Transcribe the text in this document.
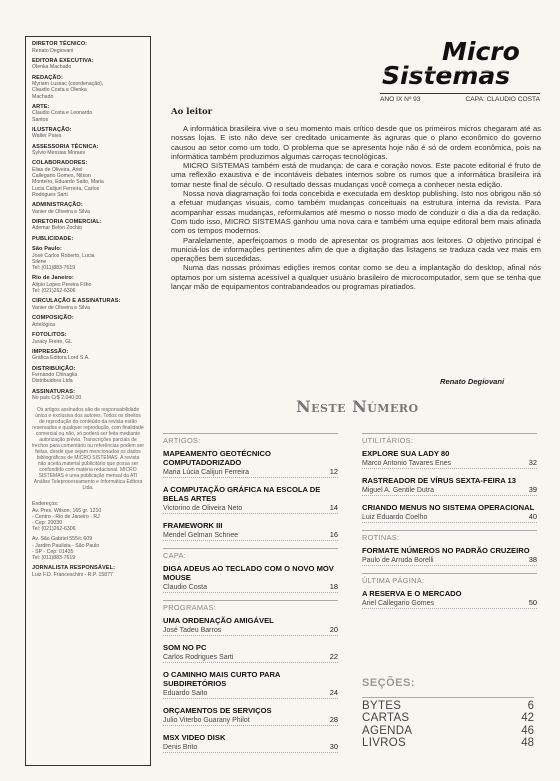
DIRETOR TÉCNICO:
Renato Degiovani
EDITORA EXECUTIVA:
Olenka Machado
REDAÇÃO:
Myriam Lussac (coordenação),
Claudio Costa e Olenka
Machado
ARTE:
Claudio Costa e Leonardo
Santos
ILUSTRAÇÃO:
Walter Paiva
ASSESSORIA TÉCNICA:
Sylvio Messias Moraes
COLABORADORES:
Elias de Oliveira, Ariel
Callegario Gomes, Nilson
Monteiro, Eduardo Saito, Maria
Lucia Calijuri Ferreira, Carlos
Rodrigues Sarti
ADMINISTRAÇÃO:
Vanier de Oliveira e Silva
DIRETORIA COMERCIAL:
Ademar Belon Zochio
PUBLICIDADE:
São Paulo:
José Carlos Roberto, Lucia
Silene
Tel: (011)883-7619
Rio de Janeiro:
Alípio Lopes Pereira Filho
Tel: (021)262-6306
CIRCULAÇÃO E ASSINATURAS:
Vanier de Oliveira e Silva
COMPOSIÇÃO:
Artelógica
FOTOLITOS:
Juracy Freire, GL
IMPRESSÃO:
Gráfica Editora Lord S.A.
DISTRIBUIÇÃO:
Fernando Chinaglia
Distribuidora Ltda
ASSINATURAS:
No país Cr$ 2.040,00
Os artigos assinados são de responsabilidade única e exclusiva dos autores. Todos os direitos de reprodução do conteúdo da revista estão reservados e qualquer reprodução, com finalidade comercial ou não, só poderá ser feita mediante autorização prévia. Transcrições parciais de trechos para comentário ou referências podem ser feitas, desde que sejam mencionados os dados bibliográficos de MICRO SISTEMAS. A revista não aceita material publicitário que possa ser confundido com matéria redacional. MICRO SISTEMAS é uma publicação mensal da ATI Análise Teleprocessamento e Informática Editora Ltda.
Endereços:
Av. Pres. Wilson, 165 gr. 1210
- Centro - Rio de Janeiro - RJ
- Cep: 20030
Tel: (021)262-6306
Av. São Gabriel 555/c 609
- Jardim Paulista - São Paulo
- SP - Cep: 01435
Tel: (011)883-7619
JORNALISTA RESPONSÁVEL:
Luiz F.D. Franceschini - R.P. 15877
Micro
Sistemas
ANO IX Nº 93	CAPA: CLAUDIO COSTA
Ao leitor

A informática brasileira vive o seu momento mais crítico desde que os primeiros micros chegaram até as nossas lojas. E isto não deve ser creditado unicamente às agruras que o plano econômico do governo causou ao setor como um todo. O problema que se apresenta hoje não é só de ordem econômica, pois na informática também produzimos algumas carroças tecnológicas.

MICRO SISTEMAS também está de mudança: de cara e coração novos. Este pacote editorial é fruto de uma reflexão exaustiva e de incontáveis debates internos sobre os rumos que a informática brasileira irá tomar neste final de século. O resultado dessas mudanças você começa a conhecer nesta edição.

Nossa nova diagramação foi toda concebida e executada em desktop publishing. Isto nos obrigou não só a efetuar mudanças visuais, como também mudanças conceituais na estrutura interna da revista. Para acompanhar essas mudanças, reformulamos até mesmo o nosso modo de conduzir o dia a dia da redação. Com tudo isso, MICRO SISTEMAS ganhou uma nova cara e também uma equipe editoral bem mais afinada com os tempos modernos.

Paralelamente, aperfeiçoamos o modo de apresentar os programas aos leitores. O objetivo principal é municiá-los de informações pertinentes afim de que a digitação das listagens se traduza cada vez mais em operações bem sucedidas.

Numa das nossas próximas edições iremos contar como se deu a implantação do desktop, afinal nós optamos por um sistema acessível a qualquer usuário brasileiro de microcomputador, sem que se tenha que lançar mão de equipamentos contrabandeados ou programas piratiados.

Renato Degiovani
Neste Número
ARTIGOS:
MAPEAMENTO GEOTÉCNICO COMPUTADORIZADO
Maria Lúcia Calijuri Ferreira	12
A COMPUTAÇÃO GRÁFICA NA ESCOLA DE BELAS ARTES
Victorino de Oliveira Neto	14
FRAMEWORK III
Mendel Gelman Schnee	16
CAPA:
DIGA ADEUS AO TECLADO COM O NOVO MOV MOUSE
Claudio Costa	18
PROGRAMAS:
UMA ORDENAÇÃO AMIGÁVEL
José Tadeu Barros	20
SOM NO PC
Carlos Rodrigues Sarti	22
O CAMINHO MAIS CURTO PARA SUBDIRETÓRIOS
Eduardo Saito	24
ORÇAMENTOS DE SERVIÇOS
Julio Viterbo Guarany Philot	28
MSX VIDEO DISK
Denis Brito	30
UTILITÁRIOS:
EXPLORE SUA LADY 80
Marco Antonio Tavares Enes	32
RASTREADOR DE VÍRUS SEXTA-FEIRA 13
Miguel A. Gentile Dutra	39
CRIANDO MENUS NO SISTEMA OPERACIONAL
Luiz Eduardo Coelho	40
ROTINAS:
FORMATE NÚMEROS NO PADRÃO CRUZEIRO
Paulo de Arruda Borelli	38
ÚLTIMA PÁGINA:
A RESERVA E O MERCADO
Ariel Callegario Gomes	50
SEÇÕES:
BYTES	6
CARTAS	42
AGENDA	46
LIVROS	48
